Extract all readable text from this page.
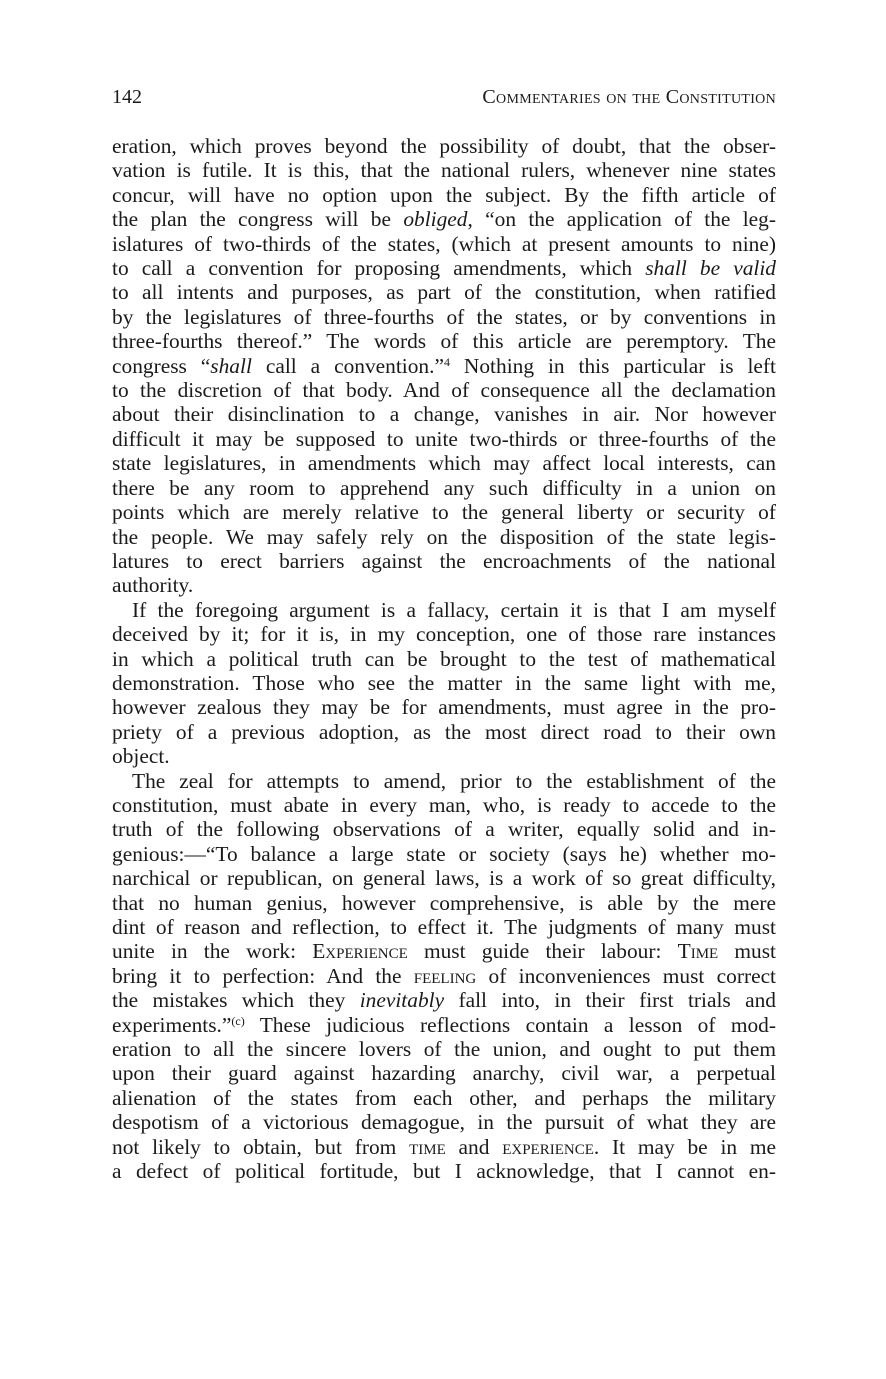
142	Commentaries on the Constitution
eration, which proves beyond the possibility of doubt, that the obser-
vation is futile. It is this, that the national rulers, whenever nine states
concur, will have no option upon the subject. By the fifth article of
the plan the congress will be obliged, “on the application of the leg-
islatures of two-thirds of the states, (which at present amounts to nine)
to call a convention for proposing amendments, which shall be valid
to all intents and purposes, as part of the constitution, when ratified
by the legislatures of three-fourths of the states, or by conventions in
three-fourths thereof.” The words of this article are peremptory. The
congress “shall call a convention.”$^4$ Nothing in this particular is left
to the discretion of that body. And of consequence all the declamation
about their disinclination to a change, vanishes in air. Nor however
difficult it may be supposed to unite two-thirds or three-fourths of the
state legislatures, in amendments which may affect local interests, can
there be any room to apprehend any such difficulty in a union on
points which are merely relative to the general liberty or security of
the people. We may safely rely on the disposition of the state legis-
latures to erect barriers against the encroachments of the national
authority.
If the foregoing argument is a fallacy, certain it is that I am myself
deceived by it; for it is, in my conception, one of those rare instances
in which a political truth can be brought to the test of mathematical
demonstration. Those who see the matter in the same light with me,
however zealous they may be for amendments, must agree in the pro-
priety of a previous adoption, as the most direct road to their own
object.
The zeal for attempts to amend, prior to the establishment of the
constitution, must abate in every man, who, is ready to accede to the
truth of the following observations of a writer, equally solid and in-
genious:—“To balance a large state or society (says he) whether mo-
narchical or republican, on general laws, is a work of so great difficulty,
that no human genius, however comprehensive, is able by the mere
dint of reason and reflection, to effect it. The judgments of many must
unite in the work: Experience must guide their labour: Time must
bring it to perfection: And the feeling of inconveniences must correct
the mistakes which they inevitably fall into, in their first trials and
experiments.”$^{(c)}$ These judicious reflections contain a lesson of mod-
eration to all the sincere lovers of the union, and ought to put them
upon their guard against hazarding anarchy, civil war, a perpetual
alienation of the states from each other, and perhaps the military
despotism of a victorious demagogue, in the pursuit of what they are
not likely to obtain, but from time and experience. It may be in me
a defect of political fortitude, but I acknowledge, that I cannot en-
